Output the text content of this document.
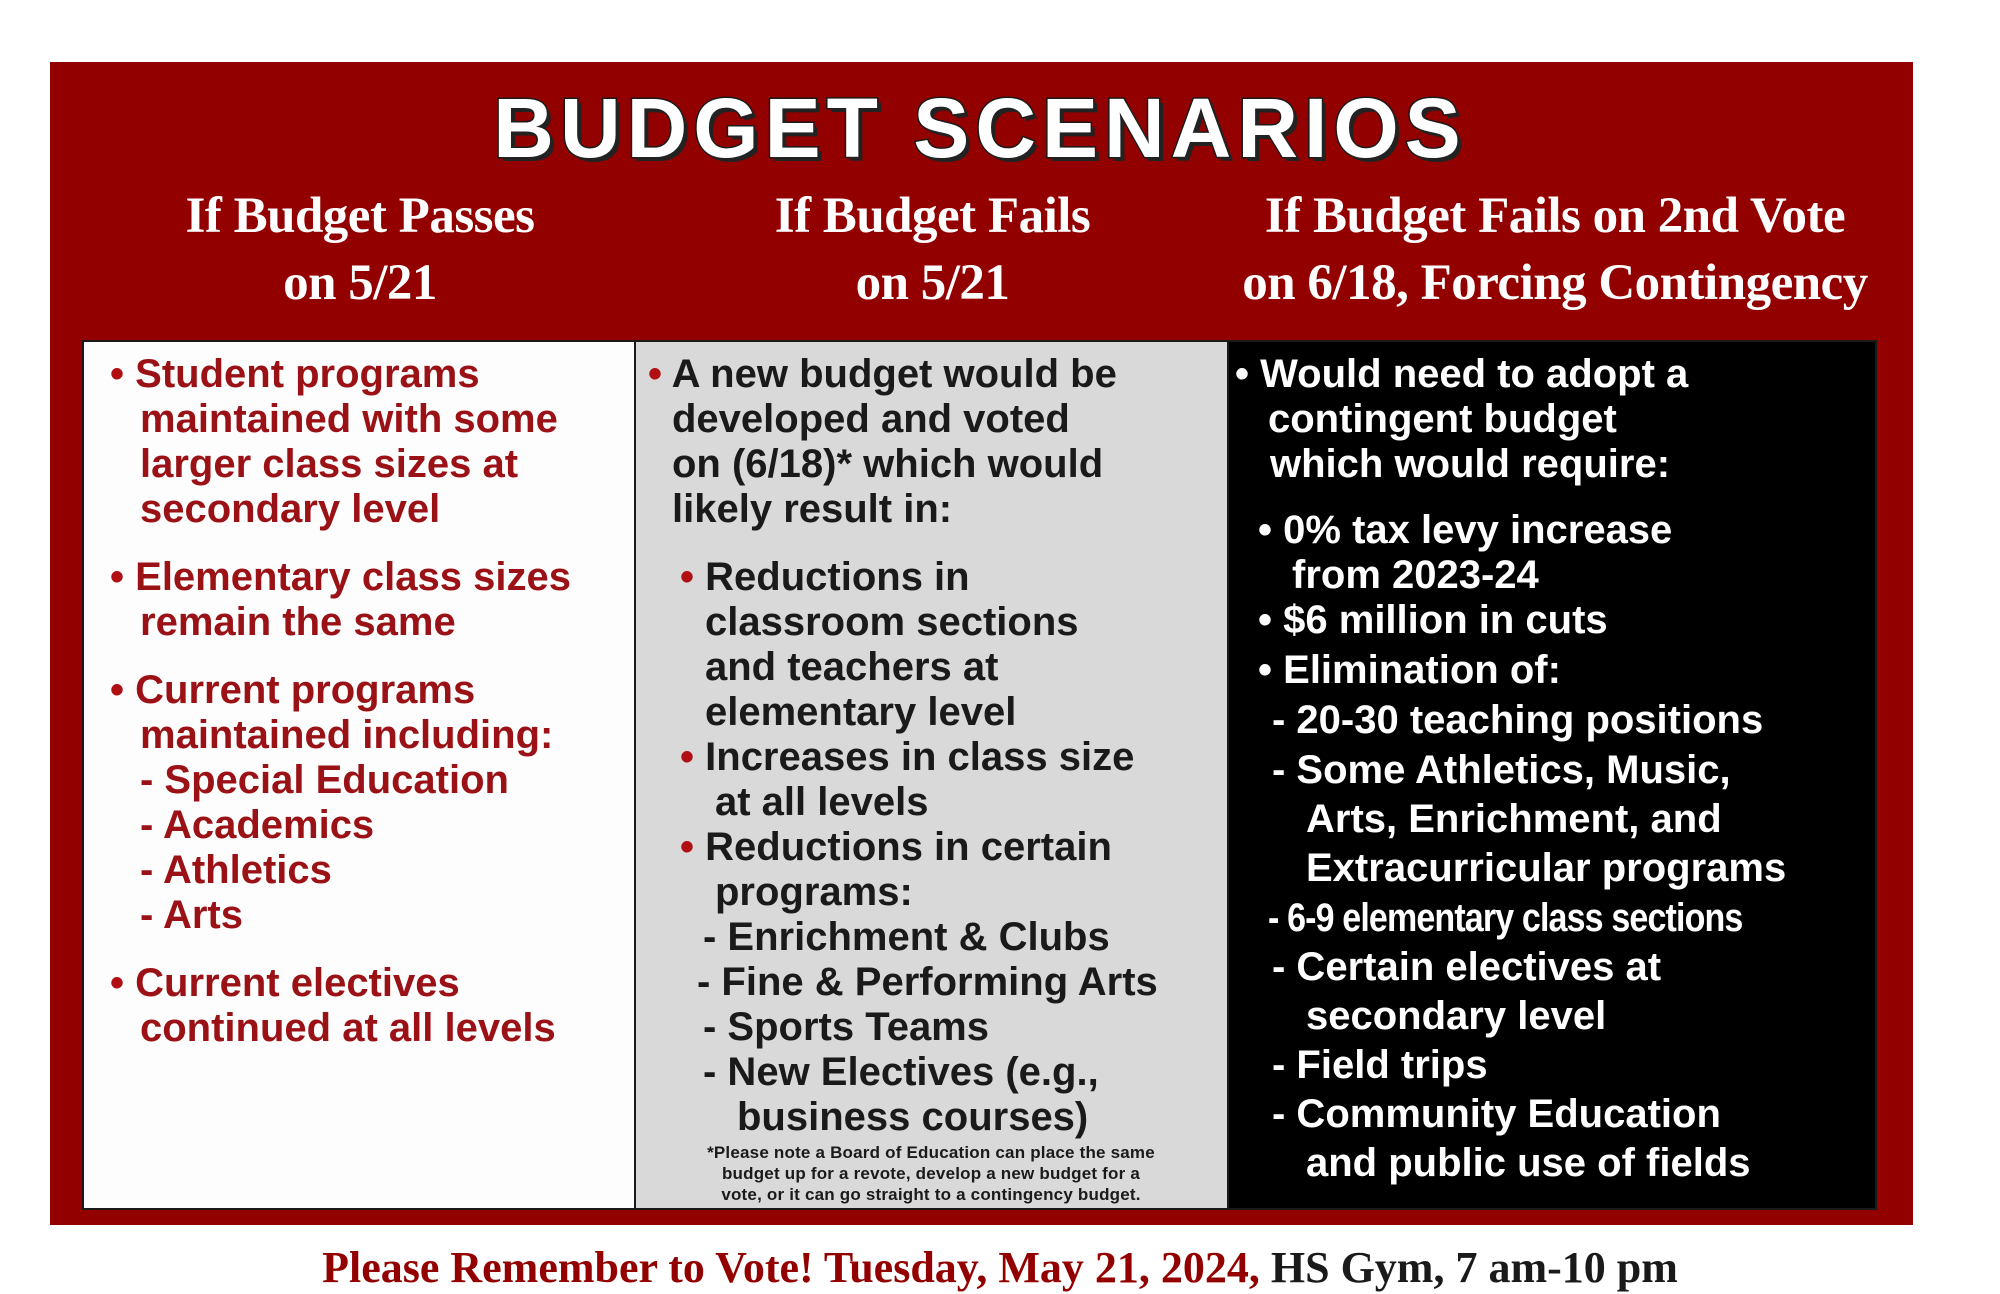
BUDGET SCENARIOS
If Budget Passes
on 5/21
If Budget Fails
on 5/21
If Budget Fails on 2nd Vote
on 6/18, Forcing Contingency
• Student programs
maintained with some
larger class sizes at
secondary level
• Elementary class sizes
remain the same
• Current programs
maintained including:
- Special Education
- Academics
- Athletics
- Arts
• Current electives
continued at all levels
• A new budget would be
developed and voted
on (6/18)* which would
likely result in:
• Reductions in
classroom sections
and teachers at
elementary level
• Increases in class size
at all levels
• Reductions in certain
programs:
- Enrichment & Clubs
- Fine & Performing Arts
- Sports Teams
- New Electives (e.g.,
business courses)
*Please note a Board of Education can place the same
budget up for a revote, develop a new budget for a
vote, or it can go straight to a contingency budget.
• Would need to adopt a
contingent budget
which would require:
• 0% tax levy increase
from 2023-24
• $6 million in cuts
• Elimination of:
- 20-30 teaching positions
- Some Athletics, Music,
Arts, Enrichment, and
Extracurricular programs
- 6-9 elementary class sections
- Certain electives at
secondary level
- Field trips
- Community Education
and public use of fields
Please Remember to Vote! Tuesday, May 21, 2024, HS Gym, 7 am-10 pm
